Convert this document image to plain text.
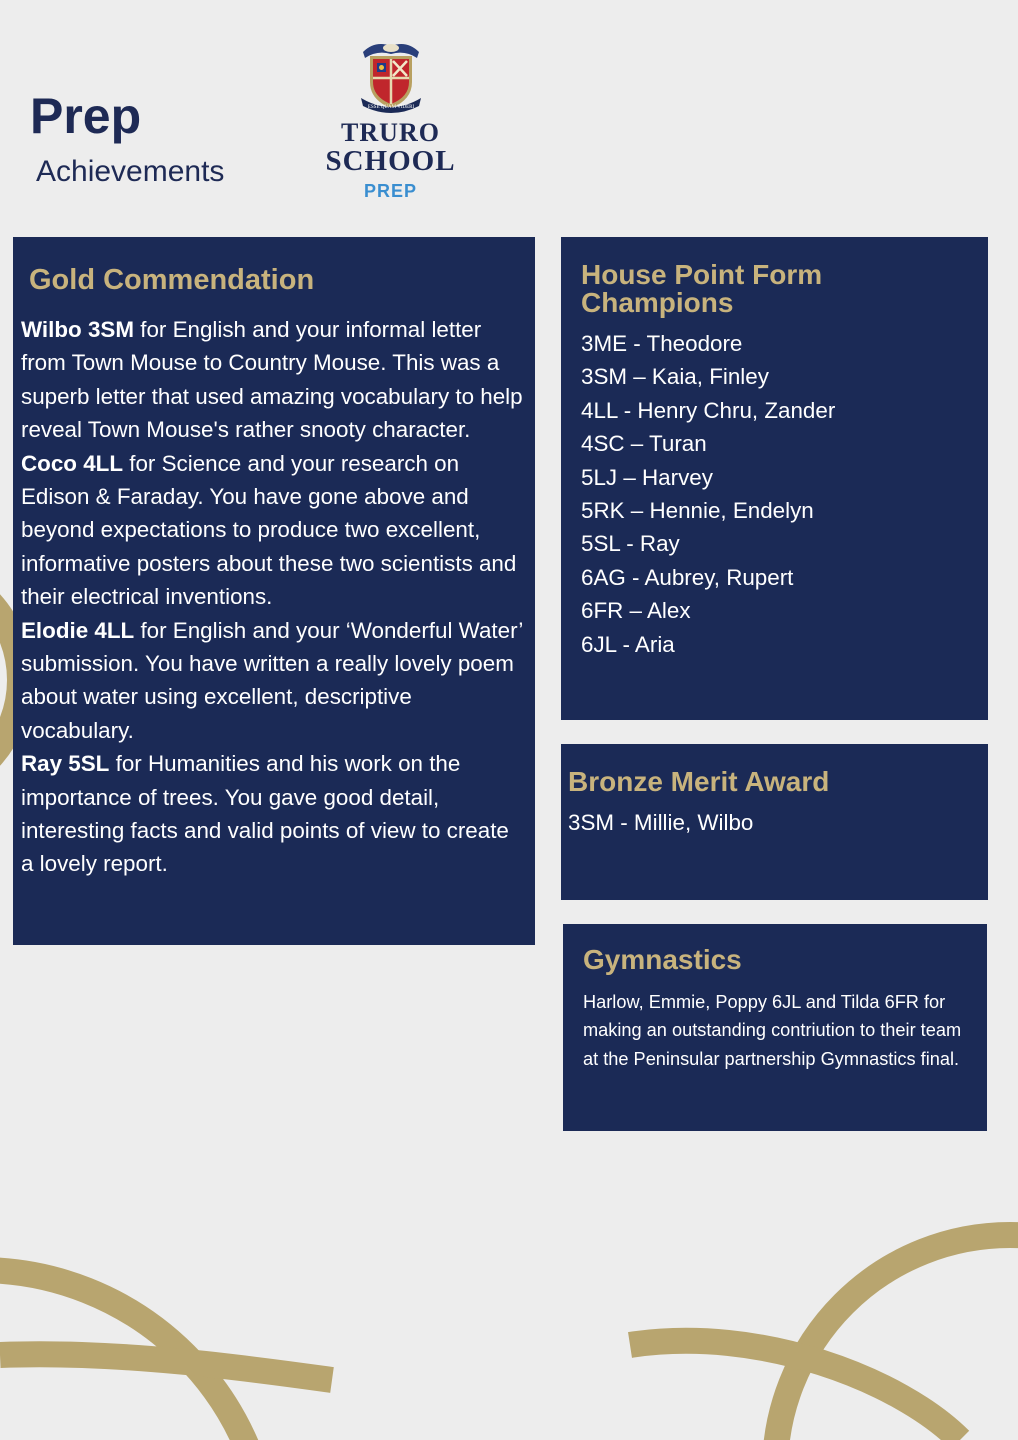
Prep
Achievements
ESSE QUAM VIDERI
TRURO
SCHOOL
PREP
Gold Commendation

Wilbo 3SM for English and your informal letter from Town Mouse to Country Mouse. This was a superb letter that used amazing vocabulary to help reveal Town Mouse's rather snooty character.

Coco 4LL for Science and your research on Edison & Faraday. You have gone above and beyond expectations to produce two excellent, informative posters about these two scientists and their electrical inventions.

Elodie 4LL for English and your ‘Wonderful Water’ submission. You have written a really lovely poem about water using excellent, descriptive vocabulary.

Ray 5SL for Humanities and his work on the importance of trees. You gave good detail, interesting facts and valid points of view to create a lovely report.

House Point Form
Champions
3ME - Theodore
3SM – Kaia, Finley
4LL - Henry Chru, Zander
4SC – Turan
5LJ – Harvey
5RK – Hennie, Endelyn
5SL - Ray
6AG - Aubrey, Rupert
6FR – Alex
6JL - Aria
Bronze Merit Award
3SM - Millie, Wilbo
Gymnastics
Harlow, Emmie, Poppy 6JL and Tilda 6FR for making an outstanding contriution to their team at the Peninsular partnership Gymnastics final.
